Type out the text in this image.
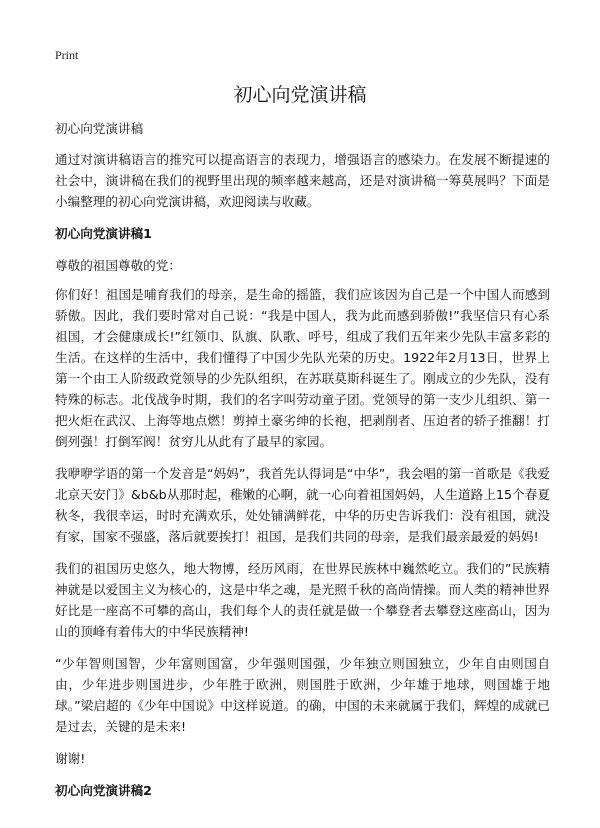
Print
初心向党演讲稿

初心向党演讲稿

通过对演讲稿语言的推究可以提高语言的表现力，增强语言的感染力。在发展不断提速的社会中，演讲稿在我们的视野里出现的频率越来越高，还是对演讲稿一筹莫展吗？下面是小编整理的初心向党演讲稿，欢迎阅读与收藏。

初心向党演讲稿1

尊敬的祖国尊敬的党：

你们好！祖国是哺育我们的母亲，是生命的摇篮，我们应该因为自己是一个中国人而感到骄傲。因此，我们要时常对自己说：“我是中国人，我为此而感到骄傲!”我坚信只有心系祖国，才会健康成长!”红领巾、队旗、队歌、呼号，组成了我们五年来少先队丰富多彩的生活。在这样的生活中，我们懂得了中国少先队光荣的历史。1922年2月13日，世界上第一个由工人阶级政党领导的少先队组织，在苏联莫斯科诞生了。刚成立的少先队，没有特殊的标志。北伐战争时期，我们的名字叫劳动童子团。党领导的第一支少儿组织、第一把火炬在武汉、上海等地点燃！剪掉土豪劣绅的长袍，把剥削者、压迫者的轿子推翻！打倒列强！打倒军阀！贫穷儿从此有了最早的家园。

我咿咿学语的第一个发音是“妈妈”，我首先认得词是“中华”，我会唱的第一首歌是《我爱北京天安门》&b&b从那时起，稚嫩的心啊，就一心向着祖国妈妈，人生道路上15个春夏秋冬，我很幸运，时时充满欢乐，处处铺满鲜花，中华的历史告诉我们：没有祖国，就没有家，国家不强盛，落后就要挨打！祖国，是我们共同的母亲，是我们最亲最爱的妈妈!

我们的祖国历史悠久，地大物博，经历风雨，在世界民族林中巍然屹立。我们的”民族精神就是以爱国主义为核心的，这是中华之魂，是光照千秋的高尚情操。而人类的精神世界好比是一座高不可攀的高山，我们每个人的责任就是做一个攀登者去攀登这座高山，因为山的顶峰有着伟大的中华民族精神!

“少年智则国智，少年富则国富，少年强则国强，少年独立则国独立，少年自由则国自由，少年进步则国进步，少年胜于欧洲，则国胜于欧洲，少年雄于地球，则国雄于地球。”梁启超的《少年中国说》中这样说道。的确，中国的未来就属于我们，辉煌的成就已是过去，关键的是未来!

谢谢!

初心向党演讲稿2
